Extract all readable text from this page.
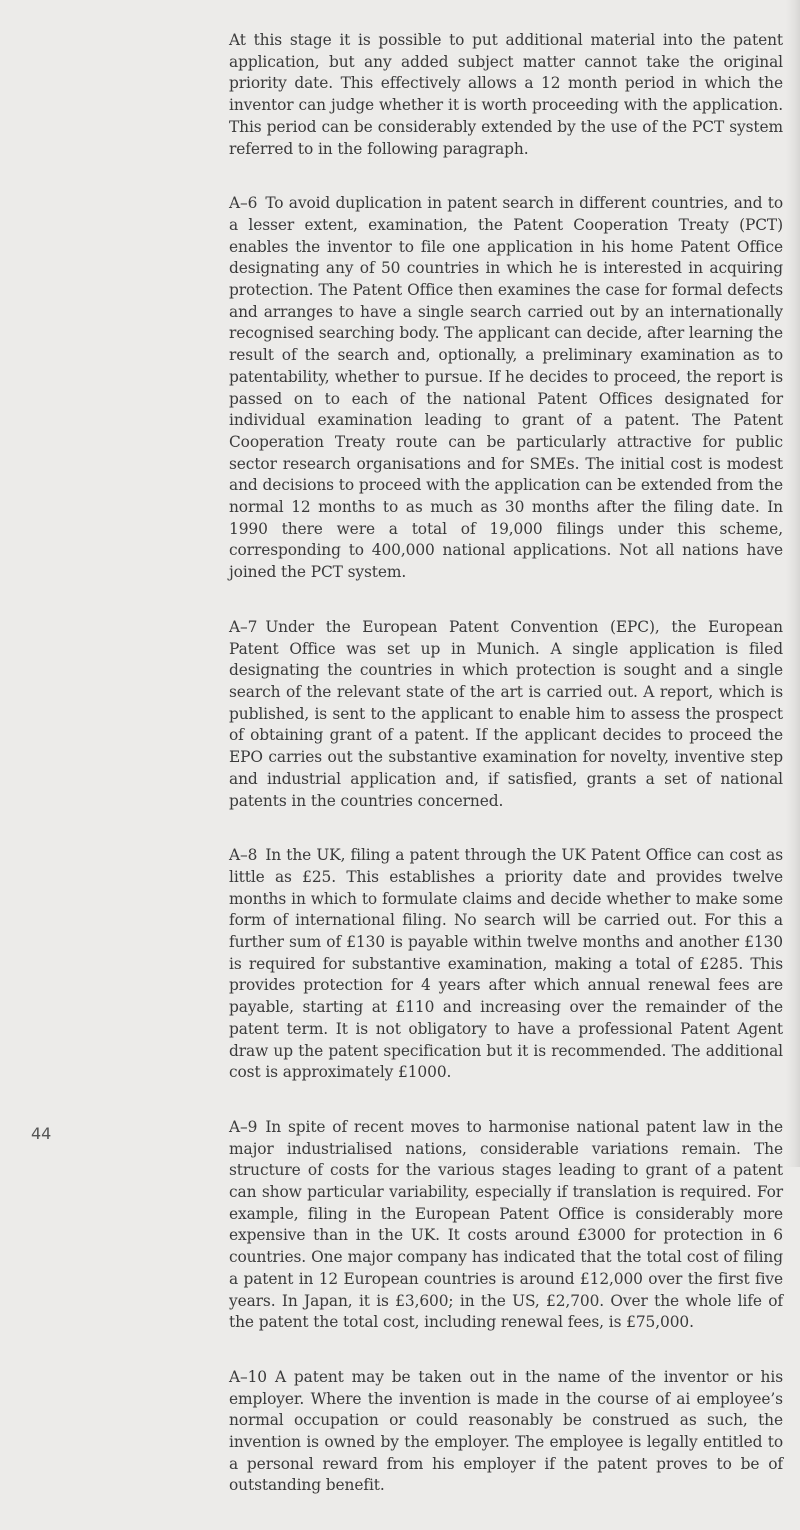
At this stage it is possible to put additional material into the patent application, but any added subject matter cannot take the original priority date. This effectively allows a 12 month period in which the inventor can judge whether it is worth proceeding with the application. This period can be considerably extended by the use of the PCT system referred to in the following paragraph.

A–6 To avoid duplication in patent search in different countries, and to a lesser extent, examination, the Patent Cooperation Treaty (PCT) enables the inventor to file one application in his home Patent Office designating any of 50 countries in which he is interested in acquiring protection. The Patent Office then examines the case for formal defects and arranges to have a single search carried out by an internationally recognised searching body. The applicant can decide, after learning the result of the search and, optionally, a preliminary examination as to patentability, whether to pursue. If he decides to proceed, the report is passed on to each of the national Patent Offices designated for individual examination leading to grant of a patent. The Patent Cooperation Treaty route can be particularly attractive for public sector research organisations and for SMEs. The initial cost is modest and decisions to proceed with the application can be extended from the normal 12 months to as much as 30 months after the filing date. In 1990 there were a total of 19,000 filings under this scheme, corresponding to 400,000 national applications. Not all nations have joined the PCT system.

A–7 Under the European Patent Convention (EPC), the European Patent Office was set up in Munich. A single application is filed designating the countries in which protection is sought and a single search of the relevant state of the art is carried out. A report, which is published, is sent to the applicant to enable him to assess the prospect of obtaining grant of a patent. If the applicant decides to proceed the EPO carries out the substantive examination for novelty, inventive step and industrial application and, if satisfied, grants a set of national patents in the countries concerned.

A–8 In the UK, filing a patent through the UK Patent Office can cost as little as £25. This establishes a priority date and provides twelve months in which to formulate claims and decide whether to make some form of international filing. No search will be carried out. For this a further sum of £130 is payable within twelve months and another £130 is required for substantive examination, making a total of £285. This provides protection for 4 years after which annual renewal fees are payable, starting at £110 and increasing over the remainder of the patent term. It is not obligatory to have a professional Patent Agent draw up the patent specification but it is recommended. The additional cost is approximately £1000.

A–9 In spite of recent moves to harmonise national patent law in the major industrialised nations, considerable variations remain. The structure of costs for the various stages leading to grant of a patent can show particular variability, especially if translation is required. For example, filing in the European Patent Office is considerably more expensive than in the UK. It costs around £3000 for protection in 6 countries. One major company has indicated that the total cost of filing a patent in 12 European countries is around £12,000 over the first five years. In Japan, it is £3,600; in the US, £2,700. Over the whole life of the patent the total cost, including renewal fees, is £75,000.

A–10 A patent may be taken out in the name of the inventor or his employer. Where the invention is made in the course of ai employee’s normal occupation or could reasonably be construed as such, the invention is owned by the employer. The employee is legally entitled to a personal reward from his employer if the patent proves to be of outstanding benefit.

44
